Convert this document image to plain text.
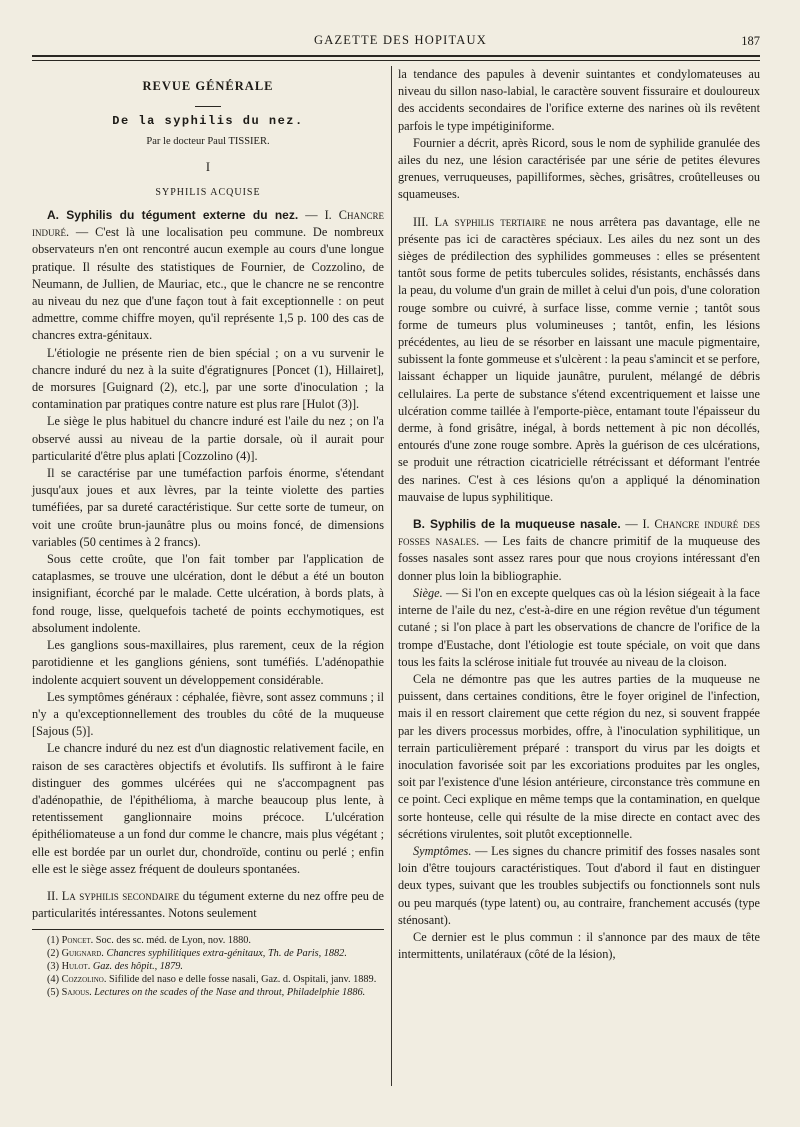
GAZETTE DES HOPITAUX	187
REVUE GÉNÉRALE
De la syphilis du nez.
Par le docteur Paul TISSIER.
I
SYPHILIS ACQUISE

A. Syphilis du tégument externe du nez. — I. Chancre induré. — C'est là une localisation peu commune. De nombreux observateurs n'en ont rencontré aucun exemple au cours d'une longue pratique. Il résulte des statistiques de Fournier, de Cozzolino, de Neumann, de Jullien, de Mauriac, etc., que le chancre ne se rencontre au niveau du nez que d'une façon tout à fait exceptionnelle : on peut admettre, comme chiffre moyen, qu'il représente 1,5 p. 100 des cas de chancres extra-génitaux.

L'étiologie ne présente rien de bien spécial ; on a vu survenir le chancre induré du nez à la suite d'égratignures [Poncet (1), Hillairet], de morsures [Guignard (2), etc.], par une sorte d'inoculation ; la contamination par pratiques contre nature est plus rare [Hulot (3)].

Le siège le plus habituel du chancre induré est l'aile du nez ; on l'a observé aussi au niveau de la partie dorsale, où il aurait pour particularité d'être plus aplati [Cozzolino (4)].

Il se caractérise par une tuméfaction parfois énorme, s'étendant jusqu'aux joues et aux lèvres, par la teinte violette des parties tuméfiées, par sa dureté caractéristique. Sur cette sorte de tumeur, on voit une croûte brun-jaunâtre plus ou moins foncé, de dimensions variables (50 centimes à 2 francs).

Sous cette croûte, que l'on fait tomber par l'application de cataplasmes, se trouve une ulcération, dont le début a été un bouton insignifiant, écorché par le malade. Cette ulcération, à bords plats, à fond rouge, lisse, quelquefois tacheté de points ecchymotiques, est absolument indolente.

Les ganglions sous-maxillaires, plus rarement, ceux de la région parotidienne et les ganglions géniens, sont tuméfiés. L'adénopathie indolente acquiert souvent un développement considérable.

Les symptômes généraux : céphalée, fièvre, sont assez communs ; il n'y a qu'exceptionnellement des troubles du côté de la muqueuse [Sajous (5)].

Le chancre induré du nez est d'un diagnostic relativement facile, en raison de ses caractères objectifs et évolutifs. Ils suffiront à le faire distinguer des gommes ulcérées qui ne s'accompagnent pas d'adénopathie, de l'épithélioma, à marche beaucoup plus lente, à retentissement ganglionnaire moins précoce. L'ulcération épithéliomateuse a un fond dur comme le chancre, mais plus végétant ; elle est bordée par un ourlet dur, chondroïde, continu ou perlé ; enfin elle est le siège assez fréquent de douleurs spontanées.

II. La syphilis secondaire du tégument externe du nez offre peu de particularités intéressantes. Notons seulement

(1) Poncet. Soc. des sc. méd. de Lyon, nov. 1880.

(2) Guignard. Chancres syphilitiques extra-génitaux, Th. de Paris, 1882.

(3) Hulot. Gaz. des hôpit., 1879.

(4) Cozzolino. Sifilide del naso e delle fosse nasali, Gaz. d. Ospitali, janv. 1889.

(5) Sajous. Lectures on the scades of the Nase and throut, Philadelphie 1886.

la tendance des papules à devenir suintantes et condylomateuses au niveau du sillon naso-labial, le caractère souvent fissuraire et douloureux des accidents secondaires de l'orifice externe des narines où ils revêtent parfois le type impétiginiforme.

Fournier a décrit, après Ricord, sous le nom de syphilide granulée des ailes du nez, une lésion caractérisée par une série de petites élevures grenues, verruqueuses, papilliformes, sèches, grisâtres, croûtelleuses ou squameuses.

III. La syphilis tertiaire ne nous arrêtera pas davantage, elle ne présente pas ici de caractères spéciaux. Les ailes du nez sont un des sièges de prédilection des syphilides gommeuses : elles se présentent tantôt sous forme de petits tubercules solides, résistants, enchâssés dans la peau, du volume d'un grain de millet à celui d'un pois, d'une coloration rouge sombre ou cuivré, à surface lisse, comme vernie ; tantôt sous forme de tumeurs plus volumineuses ; tantôt, enfin, les lésions précédentes, au lieu de se résorber en laissant une macule pigmentaire, subissent la fonte gommeuse et s'ulcèrent : la peau s'amincit et se perfore, laissant échapper un liquide jaunâtre, purulent, mélangé de débris cellulaires. La perte de substance s'étend excentriquement et laisse une ulcération comme taillée à l'emporte-pièce, entamant toute l'épaisseur du derme, à fond grisâtre, inégal, à bords nettement à pic non décollés, entourés d'une zone rouge sombre. Après la guérison de ces ulcérations, se produit une rétraction cicatricielle rétrécissant et déformant l'entrée des narines. C'est à ces lésions qu'on a appliqué la dénomination mauvaise de lupus syphilitique.

B. Syphilis de la muqueuse nasale. — I. Chancre induré des fosses nasales. — Les faits de chancre primitif de la muqueuse des fosses nasales sont assez rares pour que nous croyions intéressant d'en donner plus loin la bibliographie.

Siège. — Si l'on en excepte quelques cas où la lésion siégeait à la face interne de l'aile du nez, c'est-à-dire en une région revêtue d'un tégument cutané ; si l'on place à part les observations de chancre de l'orifice de la trompe d'Eustache, dont l'étiologie est toute spéciale, on voit que dans tous les faits la sclérose initiale fut trouvée au niveau de la cloison.

Cela ne démontre pas que les autres parties de la muqueuse ne puissent, dans certaines conditions, être le foyer originel de l'infection, mais il en ressort clairement que cette région du nez, si souvent frappée par les divers processus morbides, offre, à l'inoculation syphilitique, un terrain particulièrement préparé : transport du virus par les doigts et inoculation favorisée soit par les excoriations produites par les ongles, soit par l'existence d'une lésion antérieure, circonstance très commune en ce point. Ceci explique en même temps que la contamination, en quelque sorte honteuse, celle qui résulte de la mise directe en contact avec des sécrétions virulentes, soit plutôt exceptionnelle.

Symptômes. — Les signes du chancre primitif des fosses nasales sont loin d'être toujours caractéristiques. Tout d'abord il faut en distinguer deux types, suivant que les troubles subjectifs ou fonctionnels sont nuls ou peu marqués (type latent) ou, au contraire, franchement accusés (type sténosant).

Ce dernier est le plus commun : il s'annonce par des maux de tête intermittents, unilatéraux (côté de la lésion),
